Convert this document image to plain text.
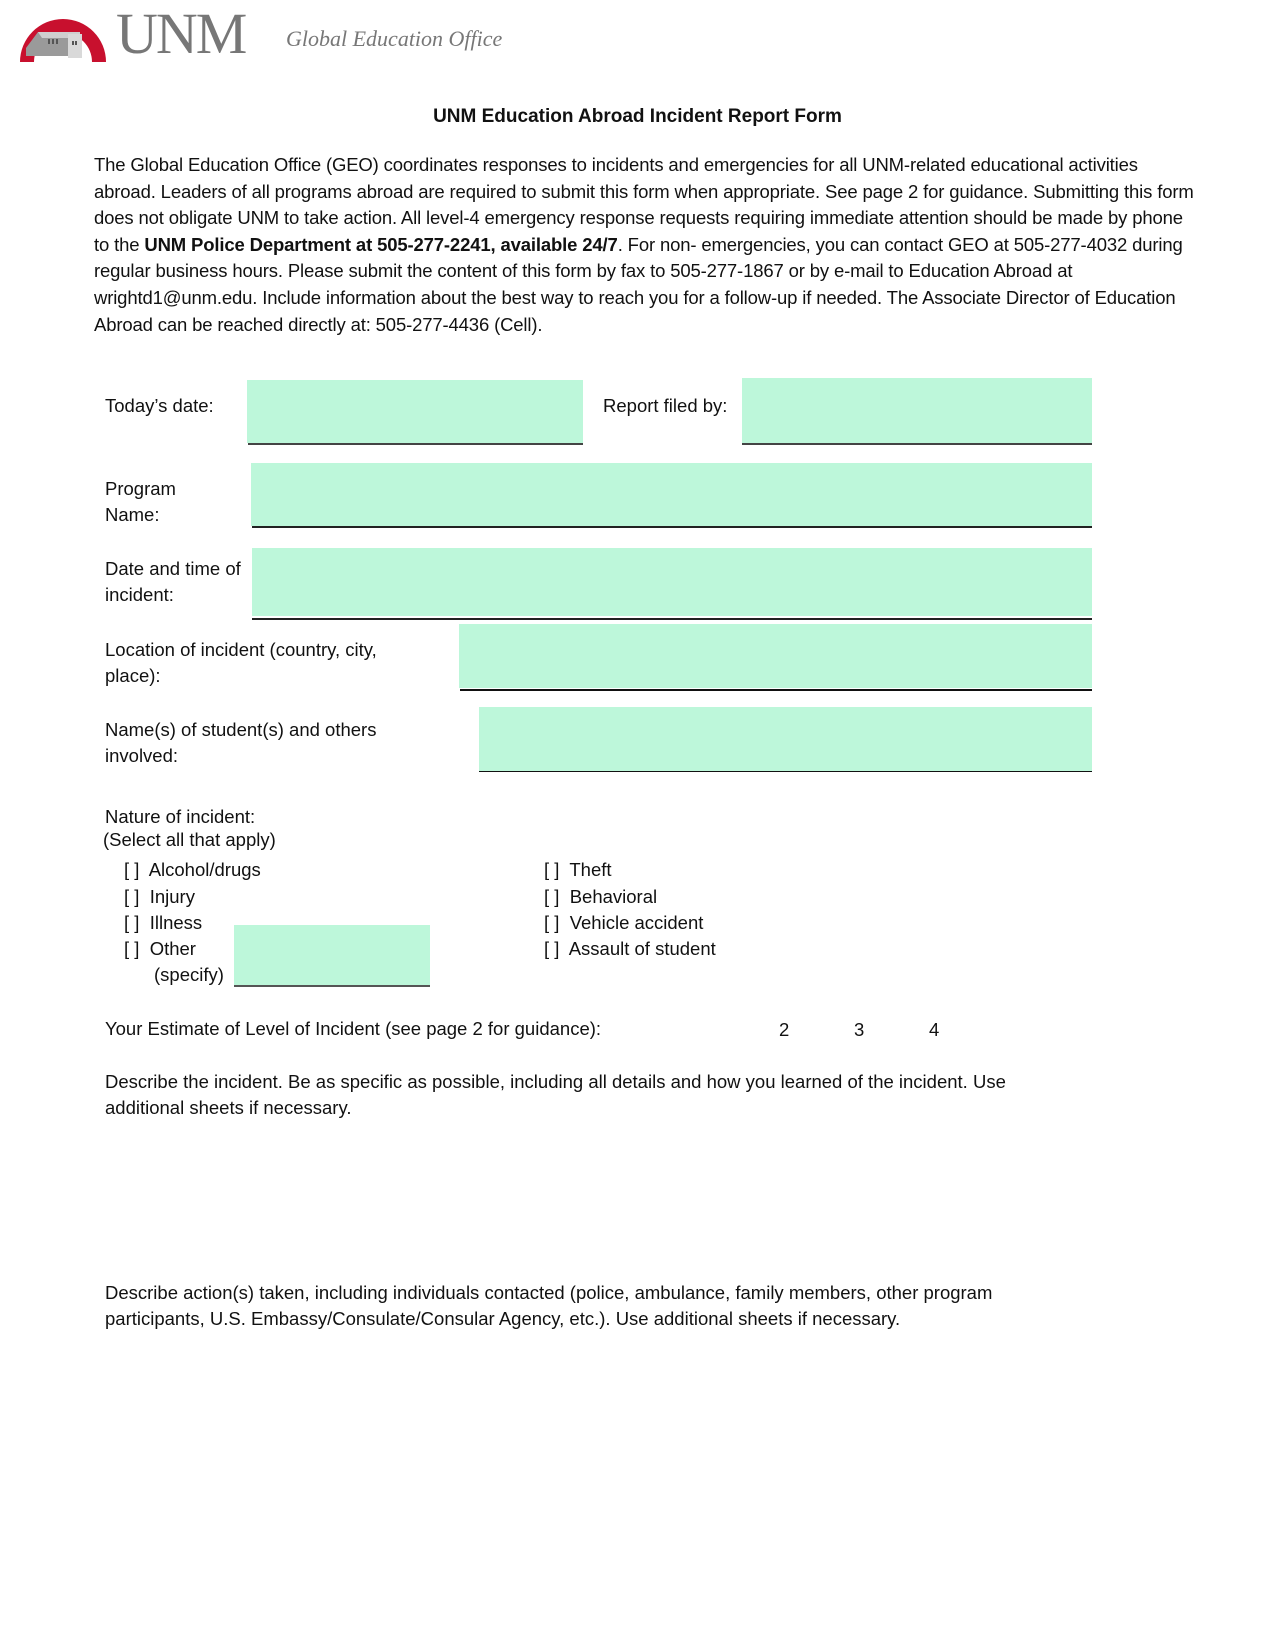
UNM Global Education Office
UNM Education Abroad Incident Report Form
The Global Education Office (GEO) coordinates responses to incidents and emergencies for all UNM-related educational activities abroad. Leaders of all programs abroad are required to submit this form when appropriate. See page 2 for guidance. Submitting this form does not obligate UNM to take action. All level-4 emergency response requests requiring immediate attention should be made by phone to the UNM Police Department at 505-277-2241, available 24/7. For non- emergencies, you can contact GEO at 505-277-4032 during regular business hours. Please submit the content of this form by fax to 505-277-1867 or by e-mail to Education Abroad at wrightd1@unm.edu. Include information about the best way to reach you for a follow-up if needed. The Associate Director of Education Abroad can be reached directly at: 505-277-4436 (Cell).
Today’s date:	Report filed by:
Program
Name:
Date and time of
incident:
Location of incident (country, city,
place):
Name(s) of student(s) and others
involved:
Nature of incident:
(Select all that apply)
[ ] Alcohol/drugs
[ ] Injury
[ ] Illness
[ ] Other
(specify)
[ ] Theft
[ ] Behavioral
[ ] Vehicle accident
[ ] Assault of student
Your Estimate of Level of Incident (see page 2 for guidance):	2	3	4
Describe the incident. Be as specific as possible, including all details and how you learned of the incident. Use
additional sheets if necessary.
Describe action(s) taken, including individuals contacted (police, ambulance, family members, other program
participants, U.S. Embassy/Consulate/Consular Agency, etc.). Use additional sheets if necessary.
